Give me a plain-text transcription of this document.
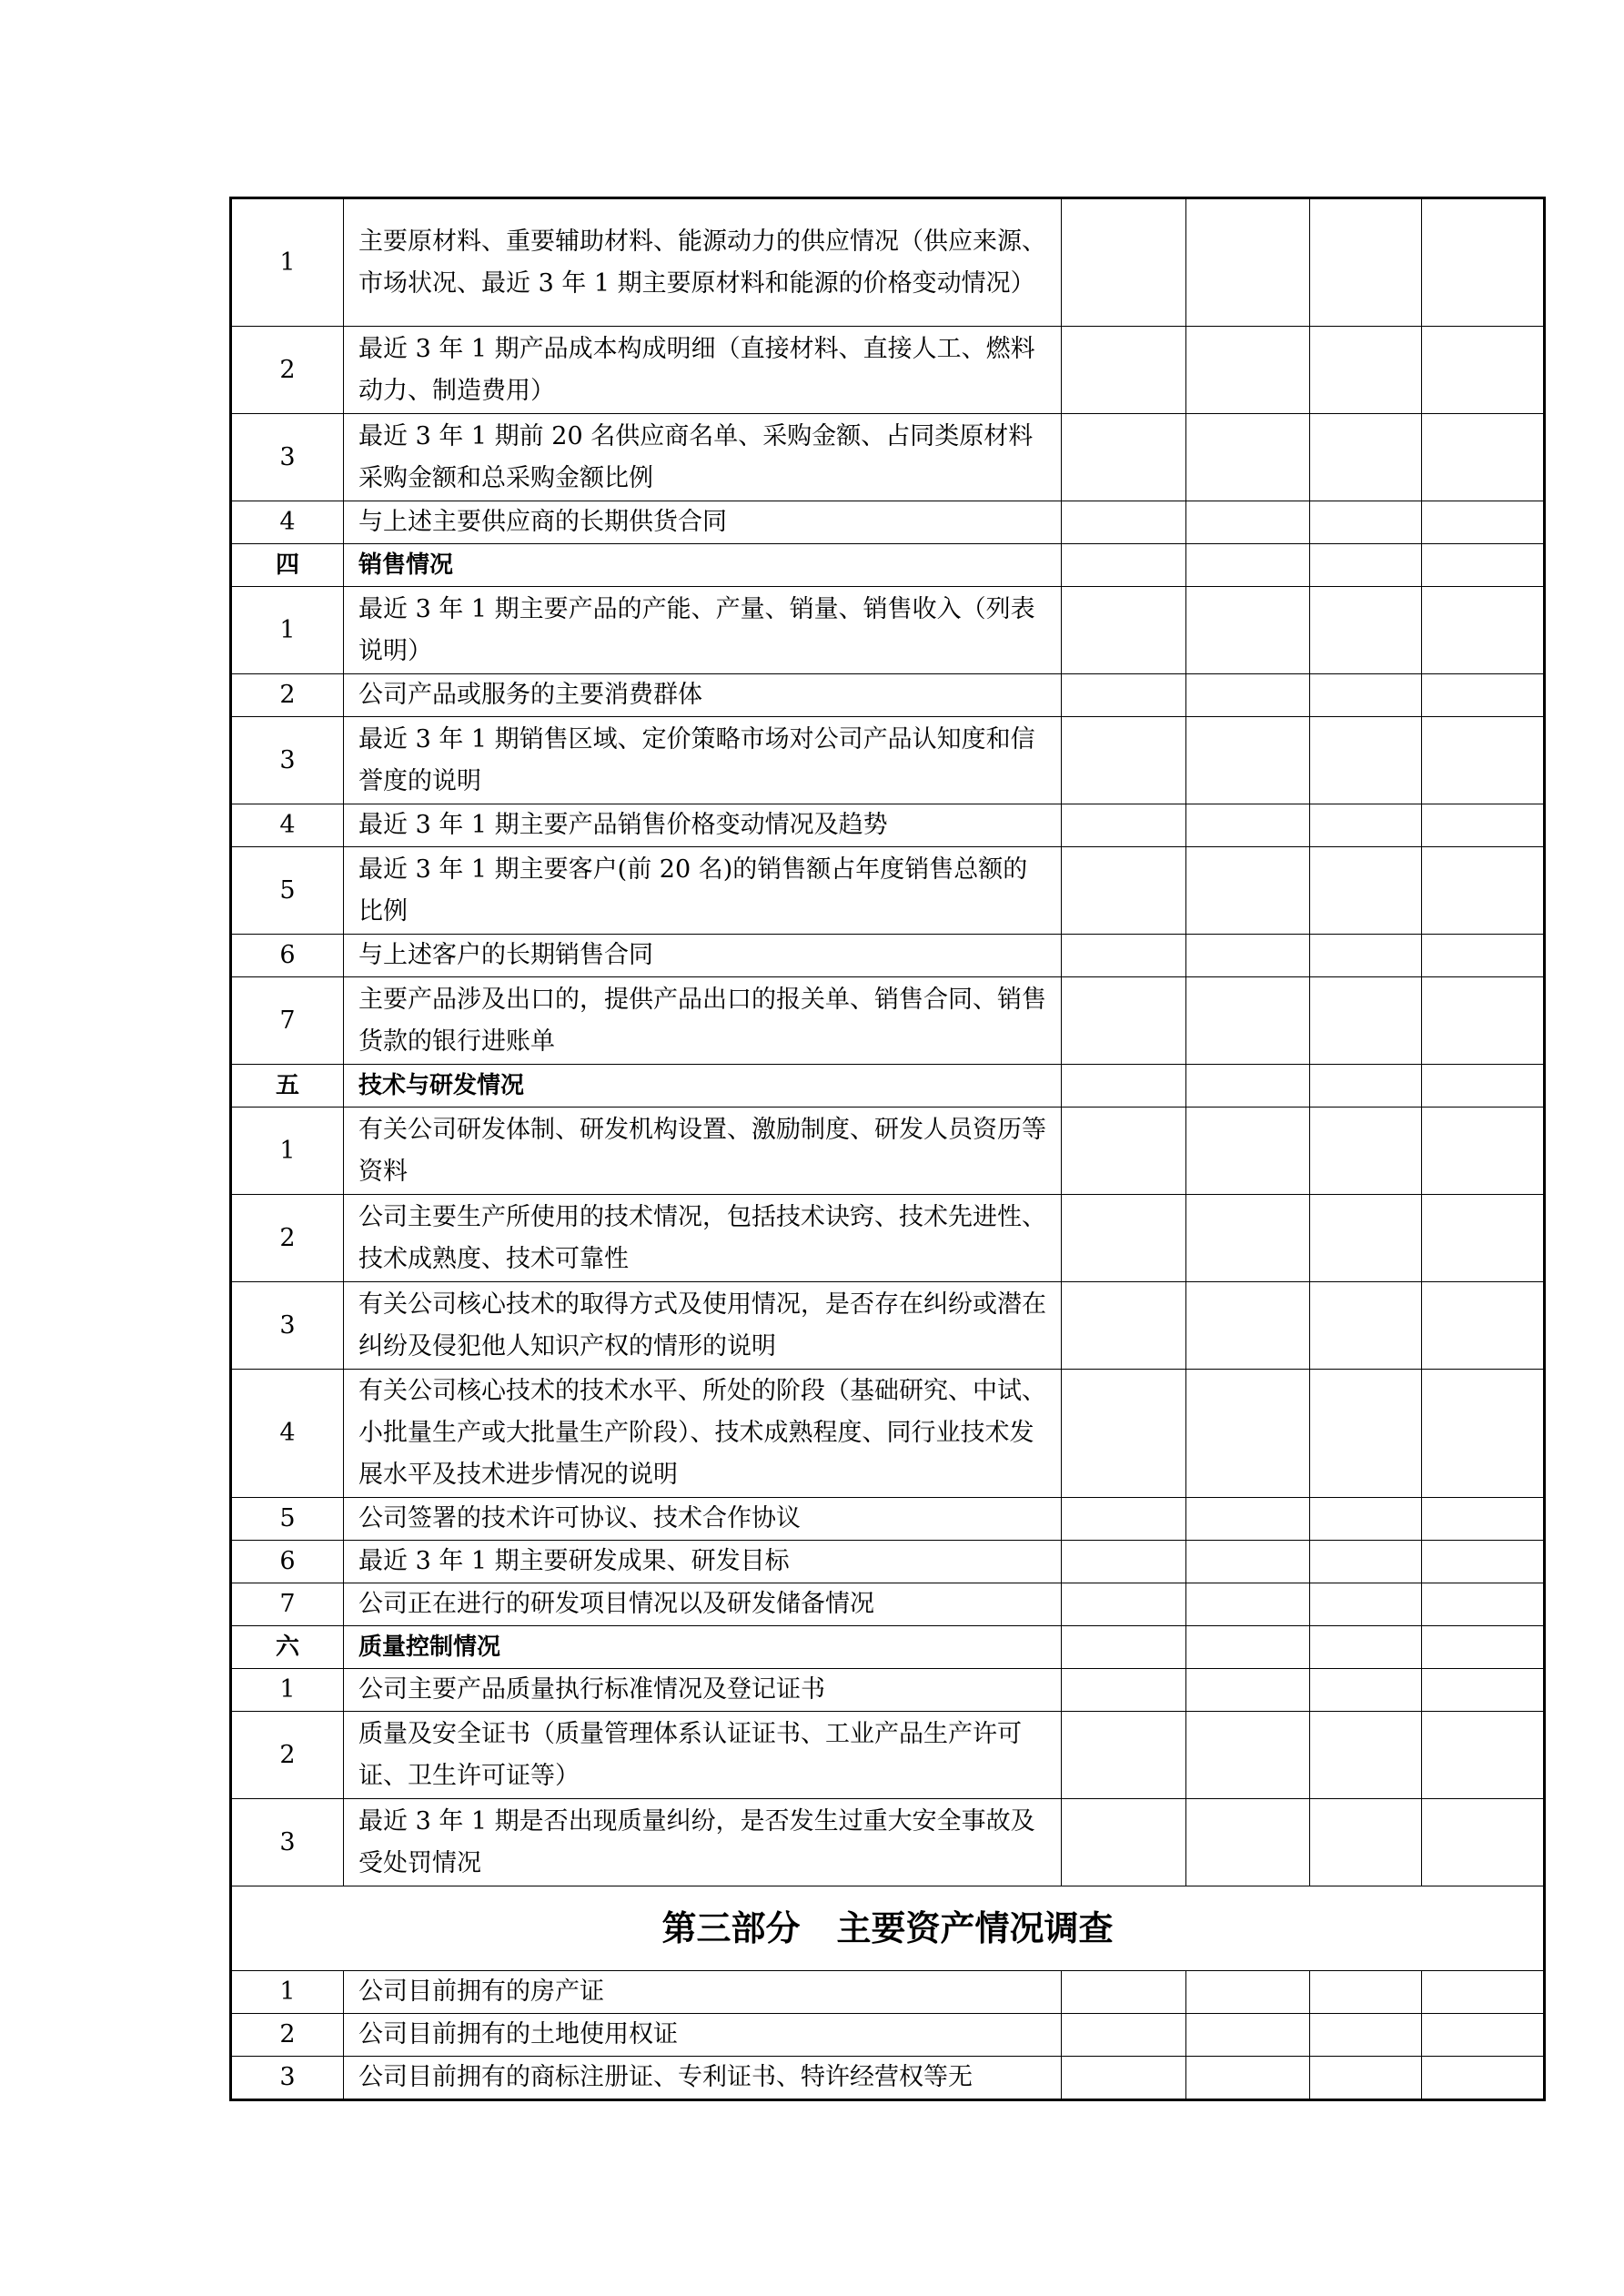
1	主要原材料、重要辅助材料、能源动力的供应情况（供应来源、市场状况、最近 3 年 1 期主要原材料和能源的价格变动情况）				
2	最近 3 年 1 期产品成本构成明细（直接材料、直接人工、燃料动力、制造费用）				
3	最近 3 年 1 期前 20 名供应商名单、采购金额、占同类原材料采购金额和总采购金额比例				
4	与上述主要供应商的长期供货合同				
四	销售情况				
1	最近 3 年 1 期主要产品的产能、产量、销量、销售收入（列表说明）				
2	公司产品或服务的主要消费群体				
3	最近 3 年 1 期销售区域、定价策略市场对公司产品认知度和信誉度的说明				
4	最近 3 年 1 期主要产品销售价格变动情况及趋势				
5	最近 3 年 1 期主要客户(前 20 名)的销售额占年度销售总额的比例				
6	与上述客户的长期销售合同				
7	主要产品涉及出口的，提供产品出口的报关单、销售合同、销售货款的银行进账单				
五	技术与研发情况				
1	有关公司研发体制、研发机构设置、激励制度、研发人员资历等资料				
2	公司主要生产所使用的技术情况，包括技术诀窍、技术先进性、技术成熟度、技术可靠性				
3	有关公司核心技术的取得方式及使用情况，是否存在纠纷或潜在纠纷及侵犯他人知识产权的情形的说明				
4	有关公司核心技术的技术水平、所处的阶段（基础研究、中试、小批量生产或大批量生产阶段）、技术成熟程度、同行业技术发展水平及技术进步情况的说明				
5	公司签署的技术许可协议、技术合作协议				
6	最近 3 年 1 期主要研发成果、研发目标				
7	公司正在进行的研发项目情况以及研发储备情况				
六	质量控制情况				
1	公司主要产品质量执行标准情况及登记证书				
2	质量及安全证书（质量管理体系认证证书、工业产品生产许可证、卫生许可证等）				
3	最近 3 年 1 期是否出现质量纠纷，是否发生过重大安全事故及受处罚情况				
第三部分 主要资产情况调查					
1	公司目前拥有的房产证				
2	公司目前拥有的土地使用权证				
3	公司目前拥有的商标注册证、专利证书、特许经营权等无				
